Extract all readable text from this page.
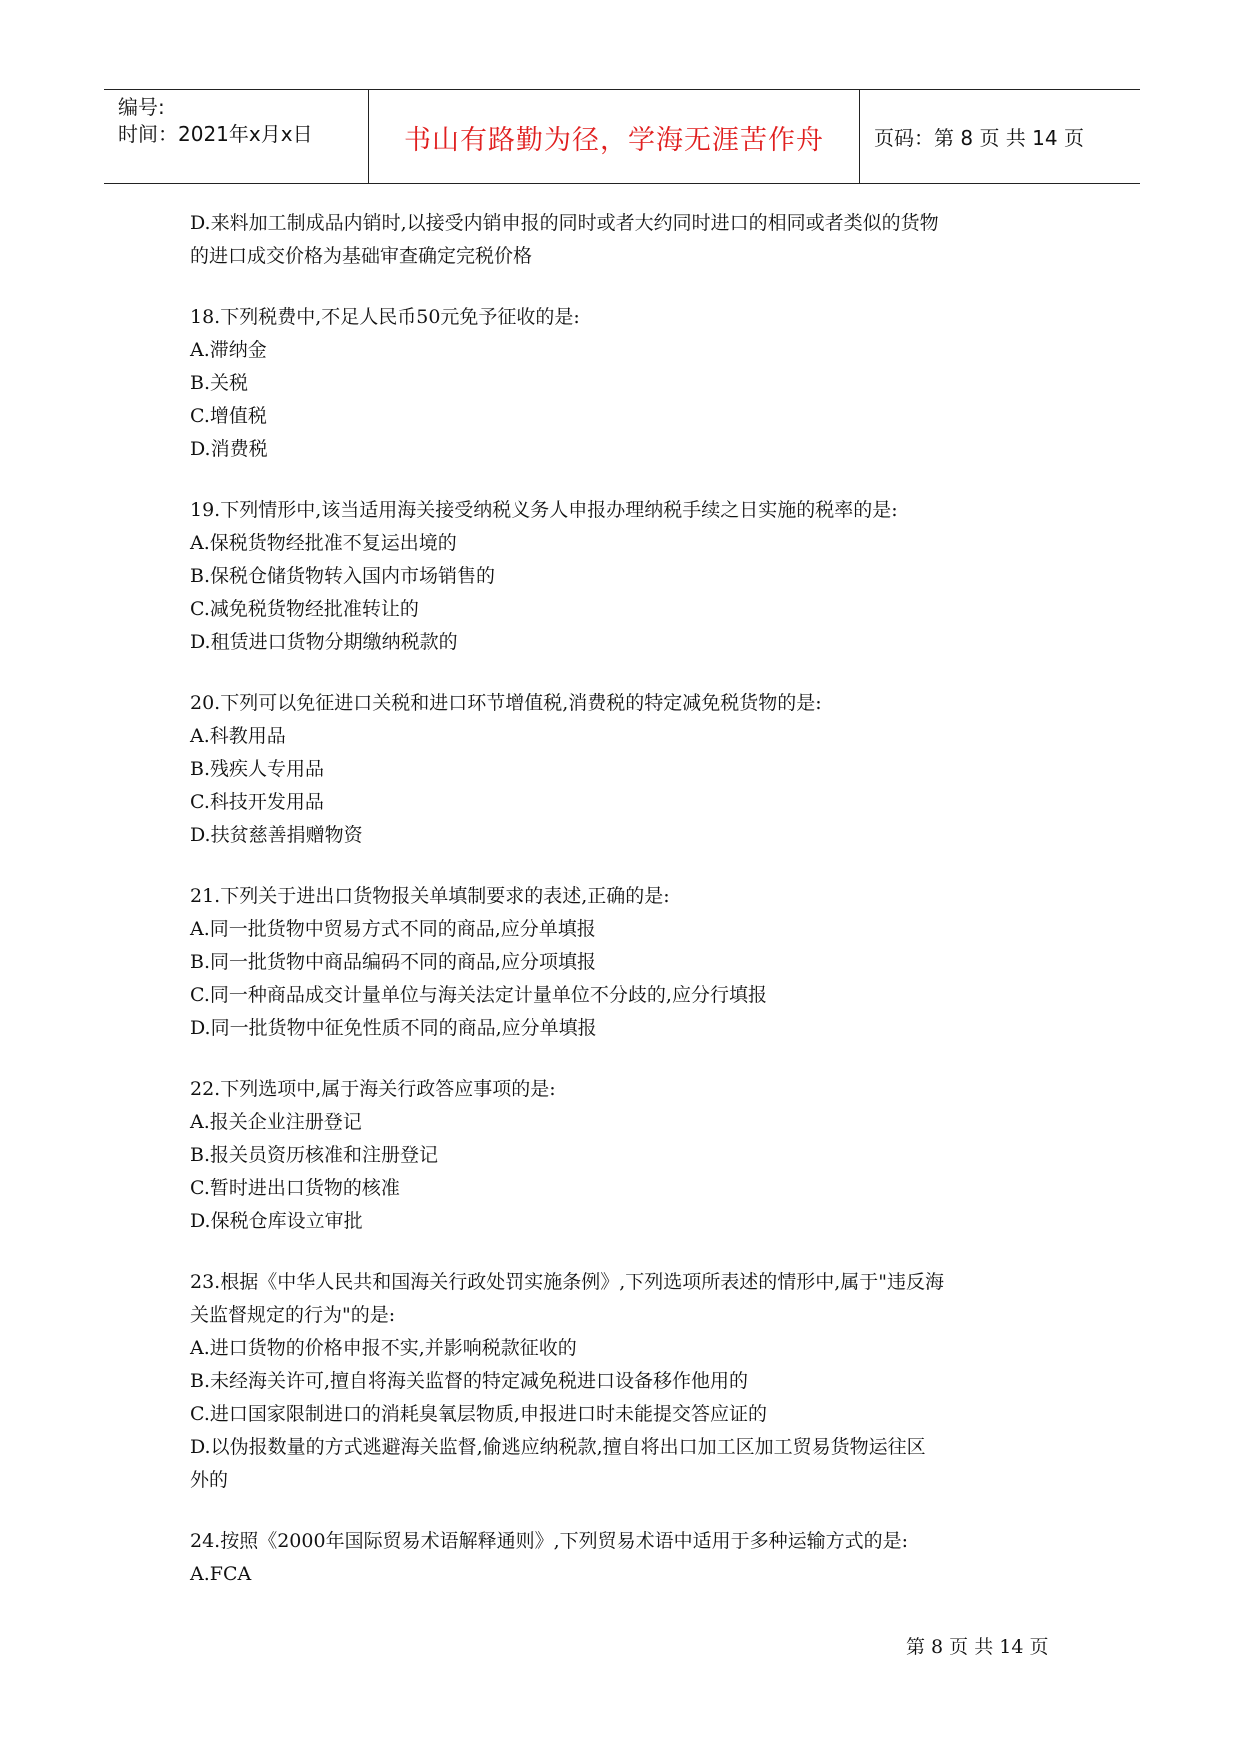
编号:
时间：2021年x月x日	书山有路勤为径，学海无涯苦作舟	页码：第 8 页 共 14 页

D.来料加工制成品内销时,以接受内销申报的同时或者大约同时进口的相同或者类似的货物

的进口成交价格为基础审查确定完税价格

18.下列税费中,不足人民币50元免予征收的是:

A.滞纳金

B.关税

C.增值税

D.消费税

19.下列情形中,该当适用海关接受纳税义务人申报办理纳税手续之日实施的税率的是:

A.保税货物经批准不复运出境的

B.保税仓储货物转入国内市场销售的

C.减免税货物经批准转让的

D.租赁进口货物分期缴纳税款的

20.下列可以免征进口关税和进口环节增值税,消费税的特定减免税货物的是:

A.科教用品

B.残疾人专用品

C.科技开发用品

D.扶贫慈善捐赠物资

21.下列关于进出口货物报关单填制要求的表述,正确的是:

A.同一批货物中贸易方式不同的商品,应分单填报

B.同一批货物中商品编码不同的商品,应分项填报

C.同一种商品成交计量单位与海关法定计量单位不分歧的,应分行填报

D.同一批货物中征免性质不同的商品,应分单填报

22.下列选项中,属于海关行政答应事项的是:

A.报关企业注册登记

B.报关员资历核准和注册登记

C.暂时进出口货物的核准

D.保税仓库设立审批

23.根据《中华人民共和国海关行政处罚实施条例》,下列选项所表述的情形中,属于"违反海

关监督规定的行为"的是:

A.进口货物的价格申报不实,并影响税款征收的

B.未经海关许可,擅自将海关监督的特定减免税进口设备移作他用的

C.进口国家限制进口的消耗臭氧层物质,申报进口时未能提交答应证的

D.以伪报数量的方式逃避海关监督,偷逃应纳税款,擅自将出口加工区加工贸易货物运往区

外的

24.按照《2000年国际贸易术语解释通则》,下列贸易术语中适用于多种运输方式的是:

A.FCA

第 8 页 共 14 页
